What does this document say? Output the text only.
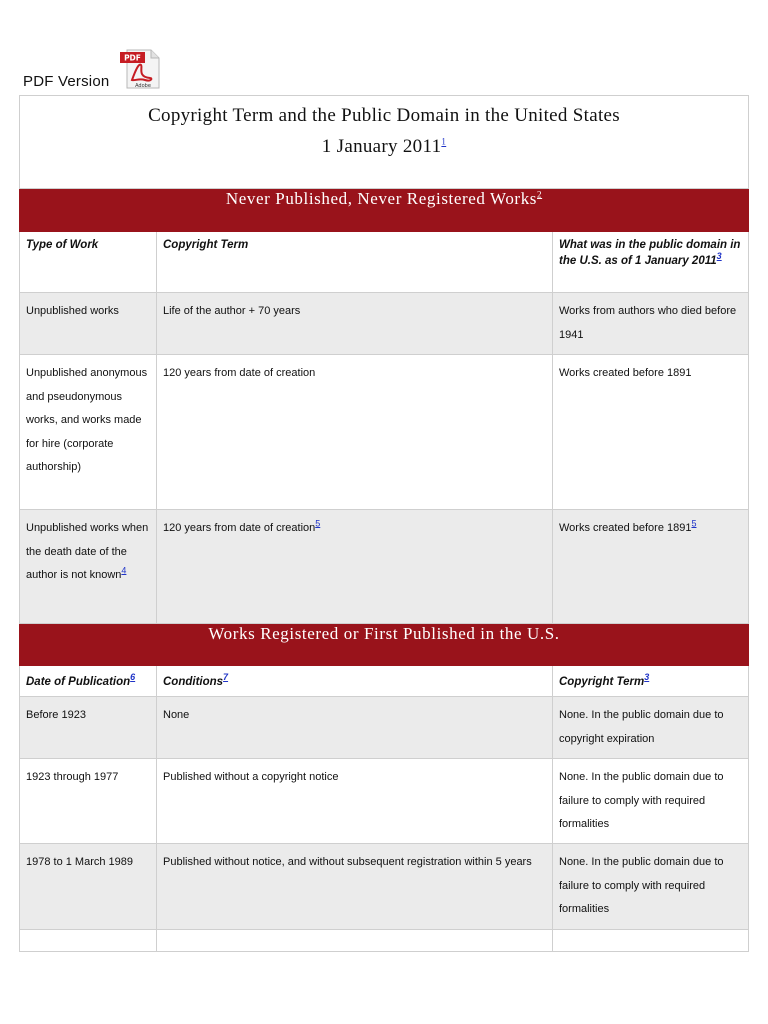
PDF Version
PDF
Adobe
Copyright Term and the Public Domain in the United States
1 January 2011$^1$
Never Published, Never Registered Works$^2$
Type of Work	Copyright Term	What was in the public domain in the U.S. as of 1 January 2011$^3$
Unpublished works	Life of the author + 70 years	Works from authors who died before 1941
Unpublished anonymous and pseudonymous works, and works made for hire (corporate authorship)	120 years from date of creation	Works created before 1891
Unpublished works when the death date of the author is not known$^4$	120 years from date of creation$^5$	Works created before 1891$^5$
Works Registered or First Published in the U.S.		
Date of Publication$^6$	Conditions$^7$	Copyright Term$^3$
Before 1923	None	None. In the public domain due to copyright expiration
1923 through 1977	Published without a copyright notice	None. In the public domain due to failure to comply with required formalities
1978 to 1 March 1989	Published without notice, and without subsequent registration within 5 years	None. In the public domain due to failure to comply with required formalities
